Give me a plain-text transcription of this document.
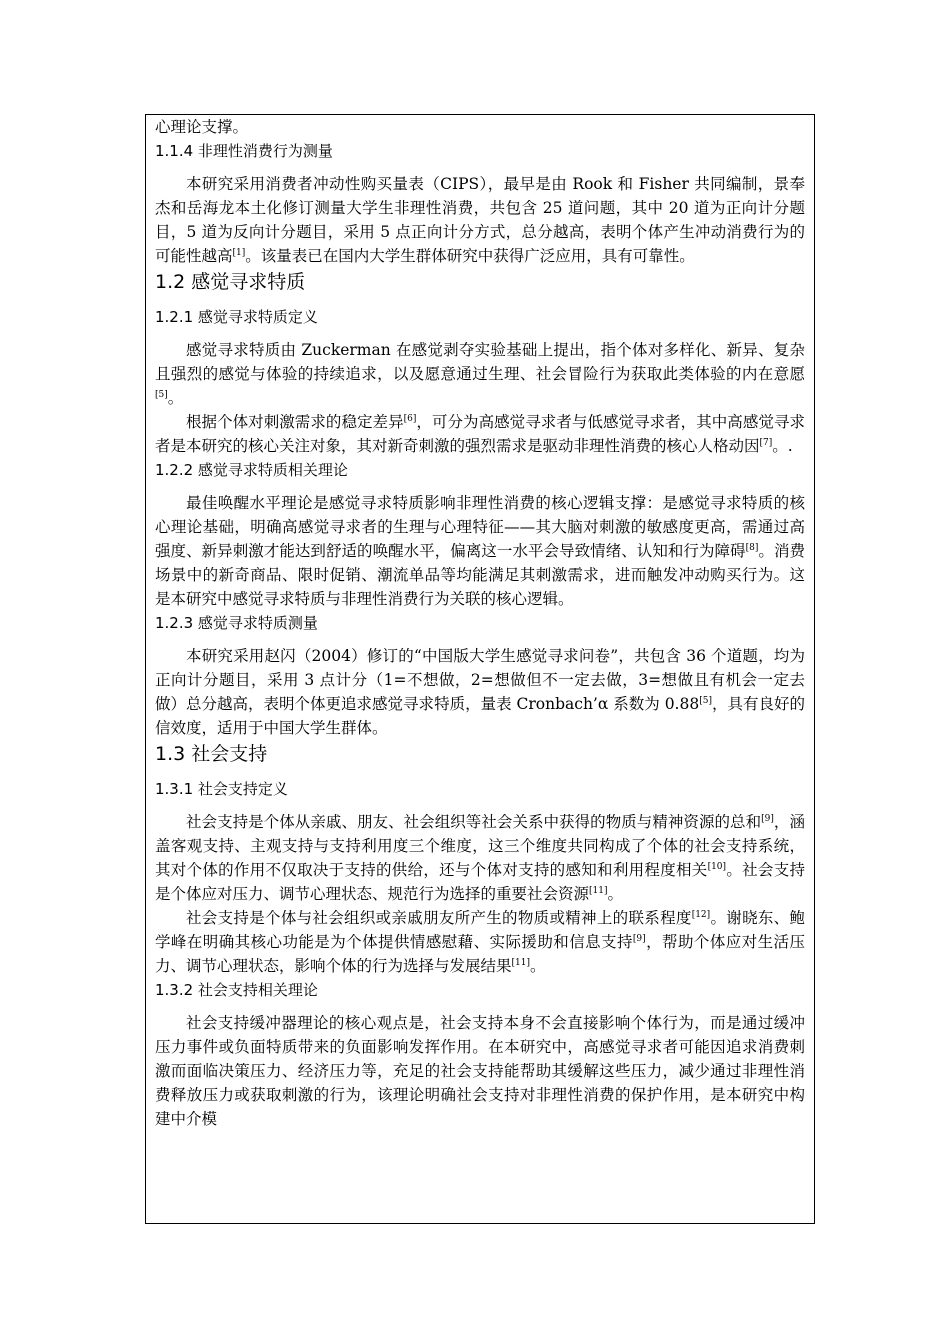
心理论支撑。

1.1.4 非理性消费行为测量

本研究采用消费者冲动性购买量表（CIPS），最早是由 Rook 和 Fisher 共同编制，景奉杰和岳海龙本土化修订测量大学生非理性消费，共包含 25 道问题，其中 20 道为正向计分题目，5 道为反向计分题目，采用 5 点正向计分方式，总分越高，表明个体产生冲动消费行为的可能性越高[1]。该量表已在国内大学生群体研究中获得广泛应用，具有可靠性。

1.2 感觉寻求特质
1.2.1 感觉寻求特质定义

感觉寻求特质由 Zuckerman 在感觉剥夺实验基础上提出，指个体对多样化、新异、复杂且强烈的感觉与体验的持续追求，以及愿意通过生理、社会冒险行为获取此类体验的内在意愿[5]。

根据个体对刺激需求的稳定差异[6]，可分为高感觉寻求者与低感觉寻求者，其中高感觉寻求者是本研究的核心关注对象，其对新奇刺激的强烈需求是驱动非理性消费的核心人格动因[7]。.

1.2.2 感觉寻求特质相关理论

最佳唤醒水平理论是感觉寻求特质影响非理性消费的核心逻辑支撑：是感觉寻求特质的核心理论基础，明确高感觉寻求者的生理与心理特征——其大脑对刺激的敏感度更高，需通过高强度、新异刺激才能达到舒适的唤醒水平，偏离这一水平会导致情绪、认知和行为障碍[8]。消费场景中的新奇商品、限时促销、潮流单品等均能满足其刺激需求，进而触发冲动购买行为。这是本研究中感觉寻求特质与非理性消费行为关联的核心逻辑。

1.2.3 感觉寻求特质测量

本研究采用赵闪（2004）修订的“中国版大学生感觉寻求问卷”，共包含 36 个道题，均为正向计分题目，采用 3 点计分（1=不想做，2=想做但不一定去做，3=想做且有机会一定去做）总分越高，表明个体更追求感觉寻求特质，量表 Cronbach’α 系数为 0.88[5]，具有良好的信效度，适用于中国大学生群体。

1.3 社会支持
1.3.1 社会支持定义

社会支持是个体从亲戚、朋友、社会组织等社会关系中获得的物质与精神资源的总和[9]，涵盖客观支持、主观支持与支持利用度三个维度，这三个维度共同构成了个体的社会支持系统，其对个体的作用不仅取决于支持的供给，还与个体对支持的感知和利用程度相关[10]。社会支持是个体应对压力、调节心理状态、规范行为选择的重要社会资源[11]。

社会支持是个体与社会组织或亲戚朋友所产生的物质或精神上的联系程度[12]。谢晓东、鲍学峰在明确其核心功能是为个体提供情感慰藉、实际援助和信息支持[9]，帮助个体应对生活压力、调节心理状态，影响个体的行为选择与发展结果[11]。

1.3.2 社会支持相关理论

社会支持缓冲器理论的核心观点是，社会支持本身不会直接影响个体行为，而是通过缓冲压力事件或负面特质带来的负面影响发挥作用。在本研究中，高感觉寻求者可能因追求消费刺激而面临决策压力、经济压力等，充足的社会支持能帮助其缓解这些压力，减少通过非理性消费释放压力或获取刺激的行为，该理论明确社会支持对非理性消费的保护作用，是本研究中构建中介模
